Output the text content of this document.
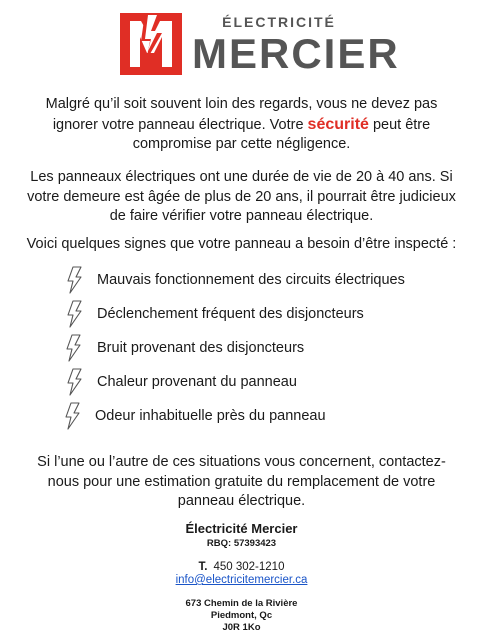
ÉLECTRICITÉ
MERCIER

Malgré qu’il soit souvent loin des regards, vous ne devez pas ignorer votre panneau électrique. Votre sécurité peut être compromise par cette négligence.

Les panneaux électriques ont une durée de vie de 20 à 40 ans. Si votre demeure est âgée de plus de 20 ans, il pourrait être judicieux de faire vérifier votre panneau électrique.

Voici quelques signes que votre panneau a besoin d’être inspecté :

Mauvais fonctionnement des circuits électriques
Déclenchement fréquent des disjoncteurs
Bruit provenant des disjoncteurs
Chaleur provenant du panneau
Odeur inhabituelle près du panneau

Si l’une ou l’autre de ces situations vous concernent, contactez-nous pour une estimation gratuite du remplacement de votre panneau électrique.

Électricité Mercier

RBQ: 57393423

T. 450 302-1210

info@electricitemercier.ca

673 Chemin de la Rivière

Piedmont, Qc

J0R 1Ko
